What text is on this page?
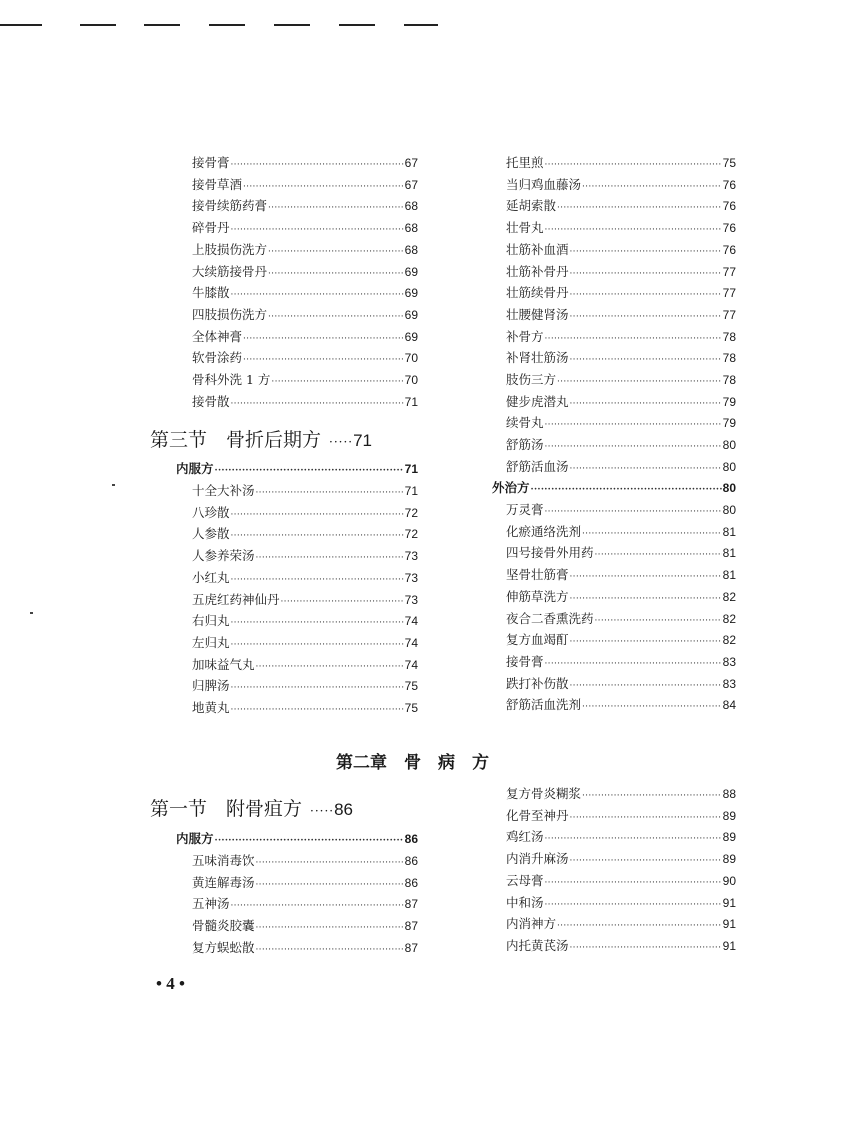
接骨膏 ·····	67
接骨草酒 ·····	67
接骨续筋药膏 ·····	68
碎骨丹 ·····	68
上肢损伤洗方 ·····	68
大续筋接骨丹 ·····	69
牛膝散 ·····	69
四肢损伤洗方 ·····	69
全体神膏 ·····	69
软骨涂药 ·····	70
骨科外洗 1 方 ·····	70
接骨散 ·····	71
第三节　骨折后期方 ····· 71
内服方 ·····	71
十全大补汤 ·····	71
八珍散 ·····	72
人参散 ·····	72
人参养荣汤 ·····	73
小红丸 ·····	73
五虎红药神仙丹 ·····	73
右归丸 ·····	74
左归丸 ·····	74
加味益气丸 ·····	74
归脾汤 ·····	75
地黄丸 ·····	75
托里煎 ·····	75
当归鸡血藤汤 ·····	76
延胡索散 ·····	76
壮骨丸 ·····	76
壮筋补血酒 ·····	76
壮筋补骨丹 ·····	77
壮筋续骨丹 ·····	77
壮腰健肾汤 ·····	77
补骨方 ·····	78
补肾壮筋汤 ·····	78
肢伤三方 ·····	78
健步虎潜丸 ·····	79
续骨丸 ·····	79
舒筋汤 ·····	80
舒筋活血汤 ·····	80
外治方 ·····	80
万灵膏 ·····	80
化瘀通络洗剂 ·····	81
四号接骨外用药 ·····	81
坚骨壮筋膏 ·····	81
伸筋草洗方 ·····	82
夜合二香熏洗药 ·····	82
复方血竭酊 ·····	82
接骨膏 ·····	83
跌打补伤散 ·····	83
舒筋活血洗剂 ·····	84
第一节　附骨疽方 ····· 86
内服方 ·····	86
五味消毒饮 ·····	86
黄连解毒汤 ·····	86
五神汤 ·····	87
骨髓炎胶囊 ·····	87
复方蜈蚣散 ·····	87
复方骨炎糊浆 ·····	88
化骨至神丹 ·····	89
鸡红汤 ·····	89
内消升麻汤 ·····	89
云母膏 ·····	90
中和汤 ·····	91
内消神方 ·····	91
内托黄芪汤 ·····	91
第二章　骨　病　方
• 4 •
